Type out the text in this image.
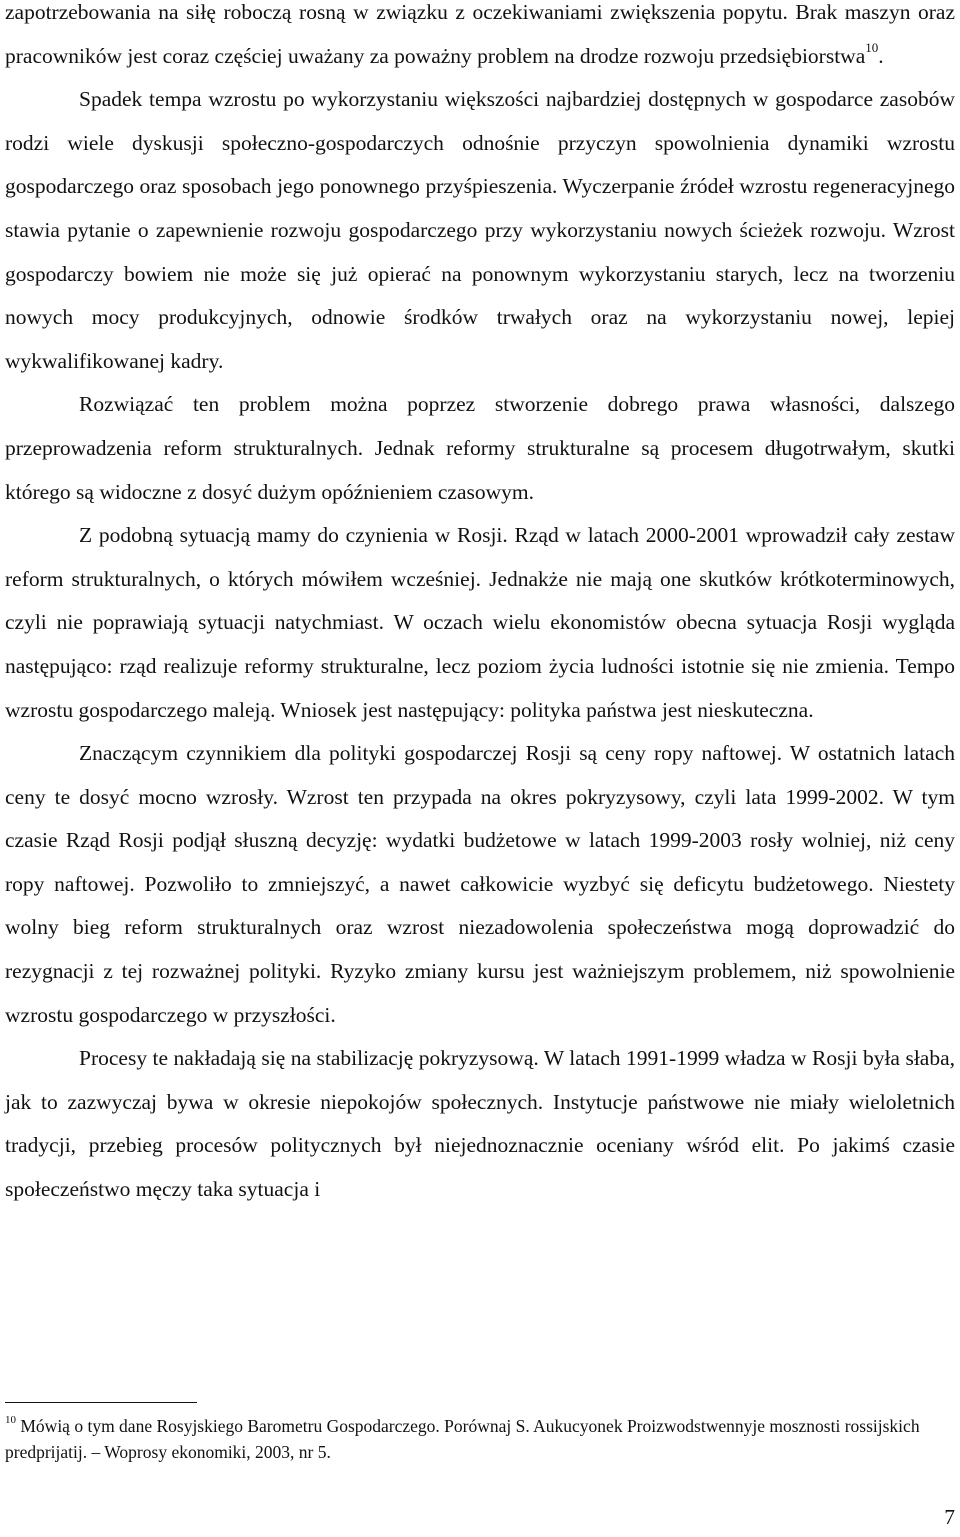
zapotrzebowania na siłę roboczą rosną w związku z oczekiwaniami zwiększenia popytu. Brak maszyn oraz pracowników jest coraz częściej uważany za poważny problem na drodze rozwoju przedsiębiorstwa$^{10}$.

Spadek tempa wzrostu po wykorzystaniu większości najbardziej dostępnych w gospodarce zasobów rodzi wiele dyskusji społeczno-gospodarczych odnośnie przyczyn spowolnienia dynamiki wzrostu gospodarczego oraz sposobach jego ponownego przyśpieszenia. Wyczerpanie źródeł wzrostu regeneracyjnego stawia pytanie o zapewnienie rozwoju gospodarczego przy wykorzystaniu nowych ścieżek rozwoju. Wzrost gospodarczy bowiem nie może się już opierać na ponownym wykorzystaniu starych, lecz na tworzeniu nowych mocy produkcyjnych, odnowie środków trwałych oraz na wykorzystaniu nowej, lepiej wykwalifikowanej kadry.

Rozwiązać ten problem można poprzez stworzenie dobrego prawa własności, dalszego przeprowadzenia reform strukturalnych. Jednak reformy strukturalne są procesem długotrwałym, skutki którego są widoczne z dosyć dużym opóźnieniem czasowym.

Z podobną sytuacją mamy do czynienia w Rosji. Rząd w latach 2000-2001 wprowadził cały zestaw reform strukturalnych, o których mówiłem wcześniej. Jednakże nie mają one skutków krótkoterminowych, czyli nie poprawiają sytuacji natychmiast. W oczach wielu ekonomistów obecna sytuacja Rosji wygląda następująco: rząd realizuje reformy strukturalne, lecz poziom życia ludności istotnie się nie zmienia. Tempo wzrostu gospodarczego maleją. Wniosek jest następujący: polityka państwa jest nieskuteczna.

Znaczącym czynnikiem dla polityki gospodarczej Rosji są ceny ropy naftowej. W ostatnich latach ceny te dosyć mocno wzrosły. Wzrost ten przypada na okres pokryzysowy, czyli lata 1999-2002. W tym czasie Rząd Rosji podjął słuszną decyzję: wydatki budżetowe w latach 1999-2003 rosły wolniej, niż ceny ropy naftowej. Pozwoliło to zmniejszyć, a nawet całkowicie wyzbyć się deficytu budżetowego. Niestety wolny bieg reform strukturalnych oraz wzrost niezadowolenia społeczeństwa mogą doprowadzić do rezygnacji z tej rozważnej polityki. Ryzyko zmiany kursu jest ważniejszym problemem, niż spowolnienie wzrostu gospodarczego w przyszłości.

Procesy te nakładają się na stabilizację pokryzysową. W latach 1991-1999 władza w Rosji była słaba, jak to zazwyczaj bywa w okresie niepokojów społecznych. Instytucje państwowe nie miały wieloletnich tradycji, przebieg procesów politycznych był niejednoznacznie oceniany wśród elit. Po jakimś czasie społeczeństwo męczy taka sytuacja i

$^{10}$ Mówią o tym dane Rosyjskiego Barometru Gospodarczego. Porównaj S. Aukucyonek Proizwodstwennyje mosznosti rossijskich predprijatij. – Woprosy ekonomiki, 2003, nr 5.

7
